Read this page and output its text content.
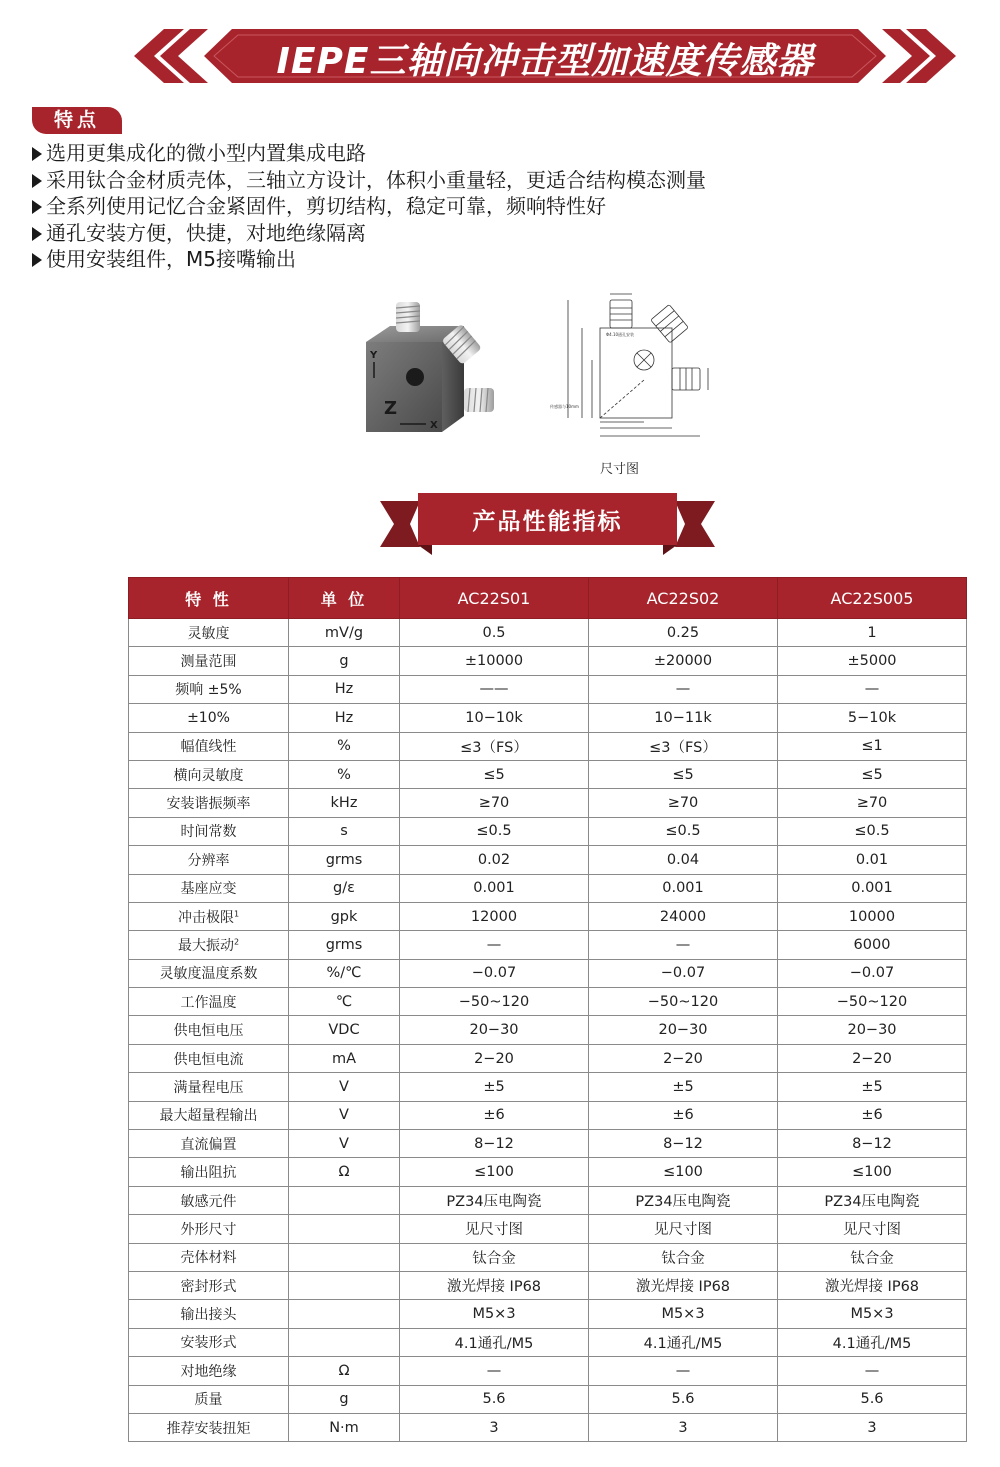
IEPE三轴向冲击型加速度传感器
特点
选用更集成化的微小型内置集成电路
采用钛合金材质壳体，三轴立方设计，体积小重量轻，更适合结构模态测量
全系列使用记忆合金紧固件，剪切结构，稳定可靠，频响特性好
通孔安装方便，快捷，对地绝缘隔离
使用安装组件，M5接嘴输出
Y
Z
X
Φ4.10通孔安装
传感器与10mm
尺寸图
产品性能指标
特 性	单 位	AC22S01	AC22S02	AC22S005
灵敏度	mV/g	0.5	0.25	1
测量范围	g	±10000	±20000	±5000
频响 ±5%	Hz	——	—	—
±10%	Hz	10−10k	10−11k	5−10k
幅值线性	%	≤3（FS）	≤3（FS）	≤1
横向灵敏度	%	≤5	≤5	≤5
安装谐振频率	kHz	≥70	≥70	≥70
时间常数	s	≤0.5	≤0.5	≤0.5
分辨率	grms	0.02	0.04	0.01
基座应变	g/ε	0.001	0.001	0.001
冲击极限$^1$	gpk	12000	24000	10000
最大振动$^2$	grms	—	—	6000
灵敏度温度系数	%/℃	−0.07	−0.07	−0.07
工作温度	℃	−50~120	−50~120	−50~120
供电恒电压	VDC	20−30	20−30	20−30
供电恒电流	mA	2−20	2−20	2−20
满量程电压	V	±5	±5	±5
最大超量程输出	V	±6	±6	±6
直流偏置	V	8−12	8−12	8−12
输出阻抗	Ω	≤100	≤100	≤100
敏感元件		PZ34压电陶瓷	PZ34压电陶瓷	PZ34压电陶瓷
外形尺寸		见尺寸图	见尺寸图	见尺寸图
壳体材料		钛合金	钛合金	钛合金
密封形式		激光焊接 IP68	激光焊接 IP68	激光焊接 IP68
输出接头		M5×3	M5×3	M5×3
安装形式		4.1通孔/M5	4.1通孔/M5	4.1通孔/M5
对地绝缘	Ω	—	—	—
质量	g	5.6	5.6	5.6
推荐安装扭矩	N·m	3	3	3
